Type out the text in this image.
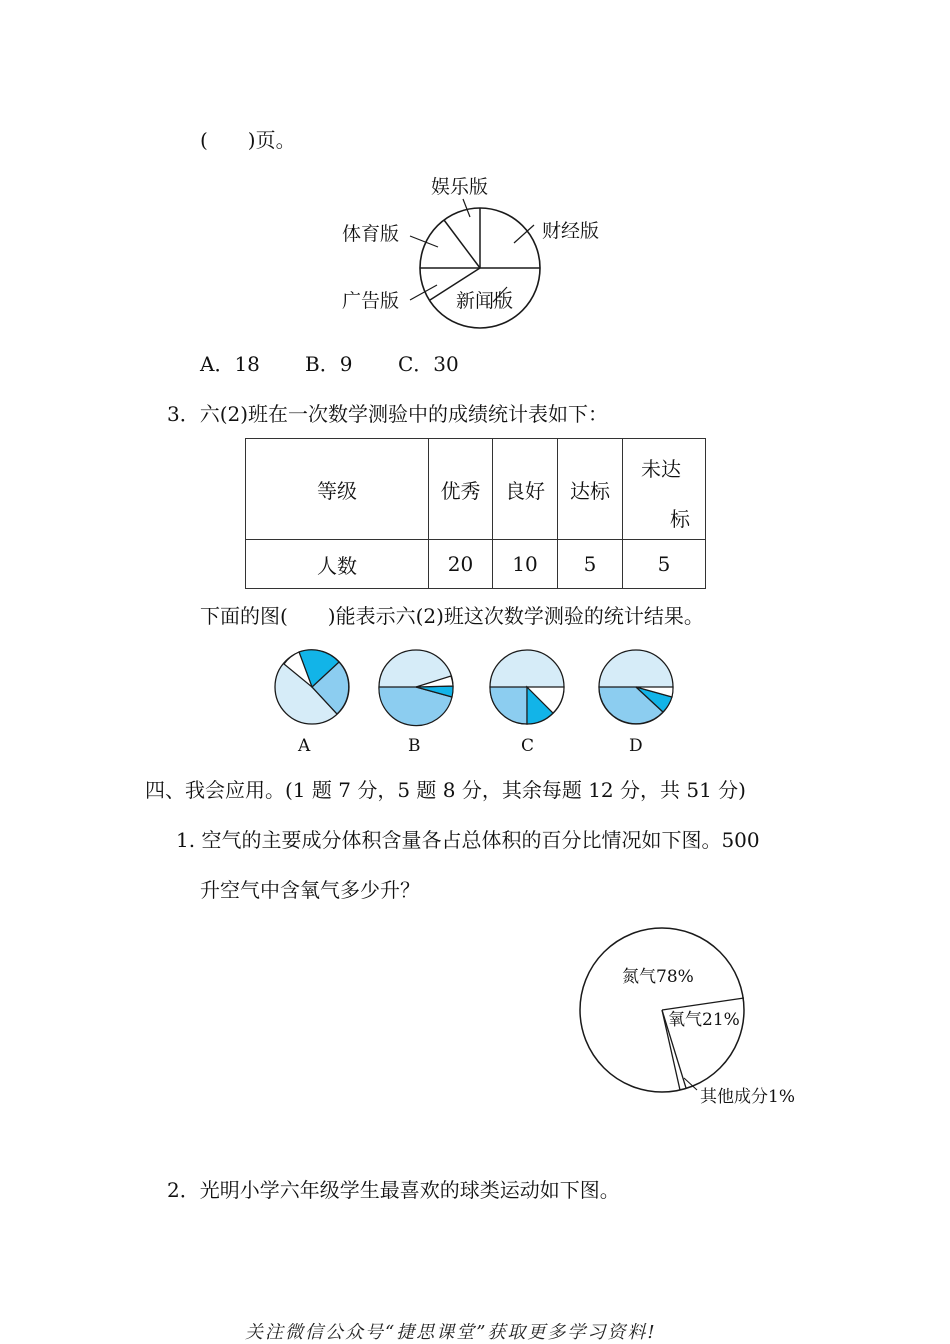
(　　)页。
娱乐版
体育版	财经版
广告版	新闻版
A．18 B．9 C．30
3．六(2)班在一次数学测验中的成绩统计表如下：
等级	优秀	良好	达标	未达
标

人数	20	10	5	5
下面的图(　　)能表示六(2)班这次数学测验的统计结果。
A	B	C	D
四、我会应用。(1 题 7 分，5 题 8 分，其余每题 12 分，共 51 分)
1. 空气的主要成分体积含量各占总体积的百分比情况如下图。500
升空气中含氧气多少升？
氮气78%
氧气21%
其他成分1%
2．光明小学六年级学生最喜欢的球类运动如下图。
关注微信公众号“捷思课堂”获取更多学习资料!
